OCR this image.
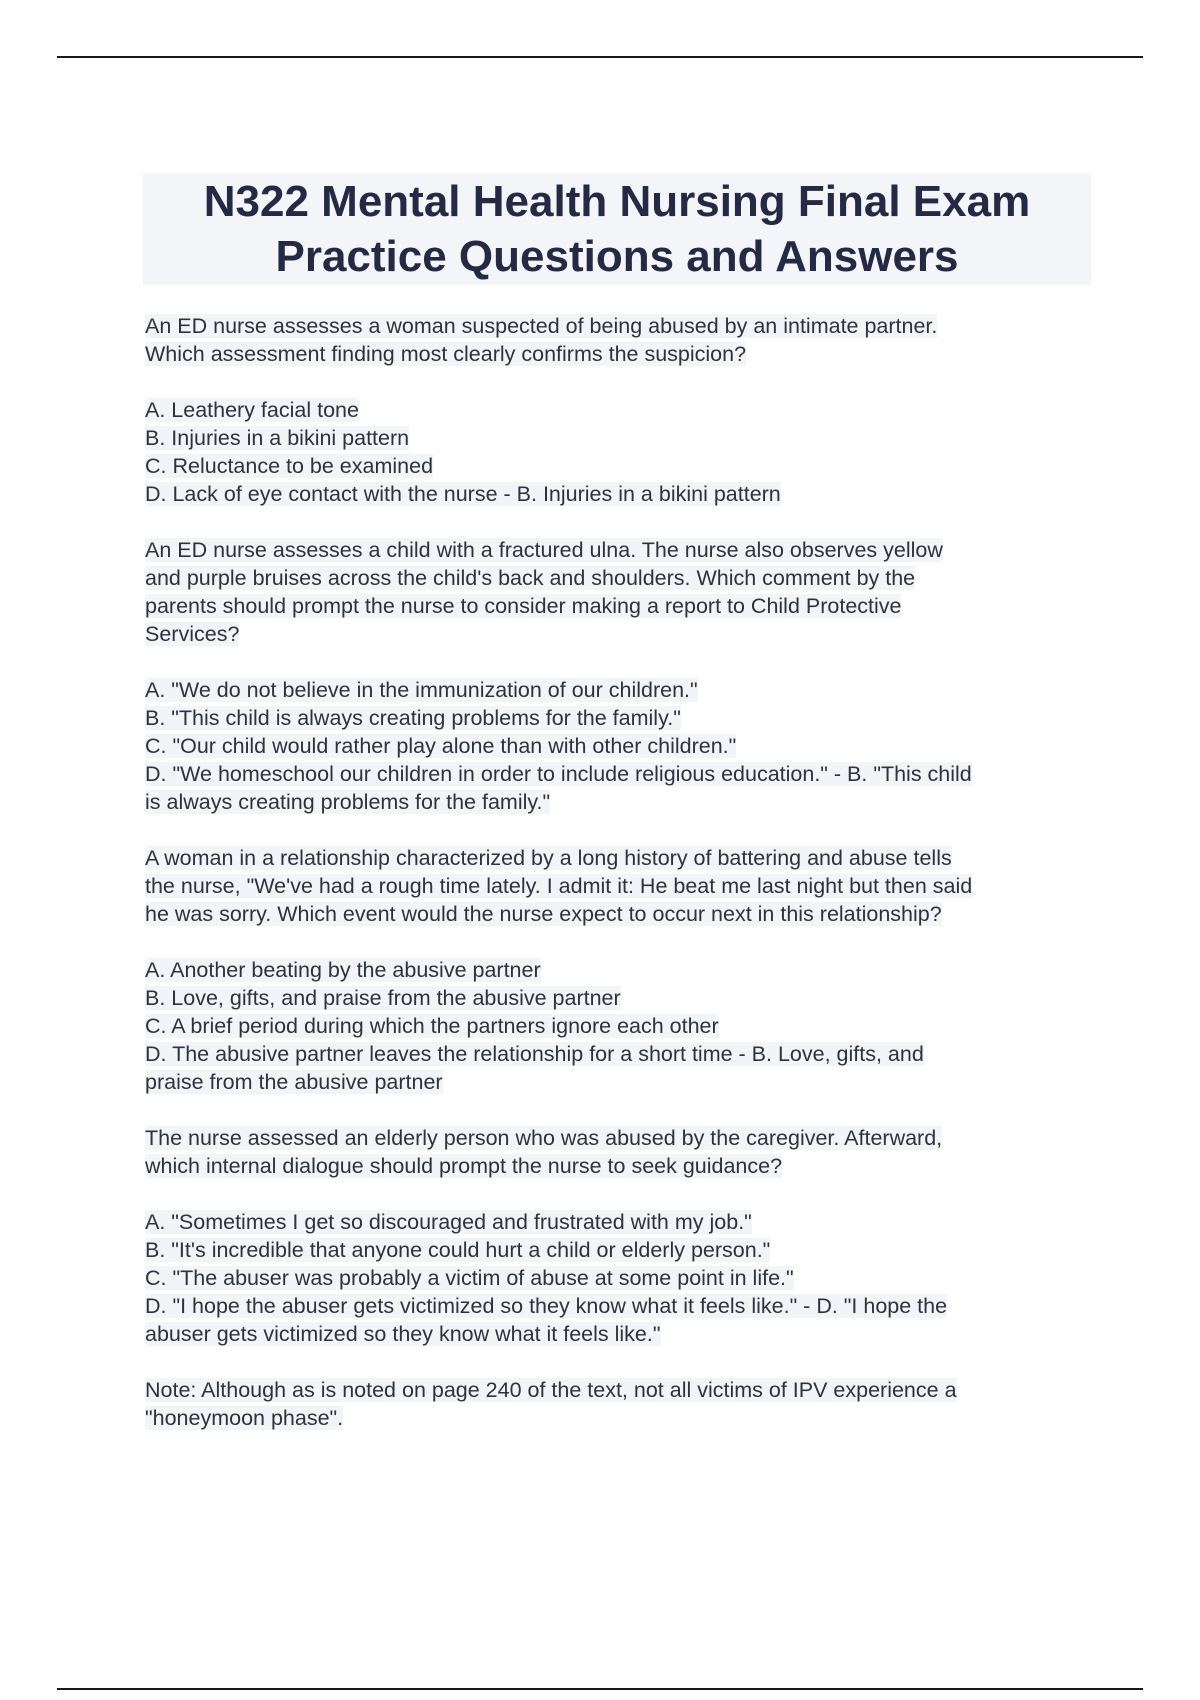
N322 Mental Health Nursing Final Exam
Practice Questions and Answers
An ED nurse assesses a woman suspected of being abused by an intimate partner.
Which assessment finding most clearly confirms the suspicion?
A. Leathery facial tone
B. Injuries in a bikini pattern
C. Reluctance to be examined
D. Lack of eye contact with the nurse - B. Injuries in a bikini pattern
An ED nurse assesses a child with a fractured ulna. The nurse also observes yellow
and purple bruises across the child's back and shoulders. Which comment by the
parents should prompt the nurse to consider making a report to Child Protective
Services?
A. "We do not believe in the immunization of our children."
B. "This child is always creating problems for the family."
C. "Our child would rather play alone than with other children."
D. "We homeschool our children in order to include religious education." - B. "This child
is always creating problems for the family."
A woman in a relationship characterized by a long history of battering and abuse tells
the nurse, "We've had a rough time lately. I admit it: He beat me last night but then said
he was sorry. Which event would the nurse expect to occur next in this relationship?
A. Another beating by the abusive partner
B. Love, gifts, and praise from the abusive partner
C. A brief period during which the partners ignore each other
D. The abusive partner leaves the relationship for a short time - B. Love, gifts, and
praise from the abusive partner
The nurse assessed an elderly person who was abused by the caregiver. Afterward,
which internal dialogue should prompt the nurse to seek guidance?
A. "Sometimes I get so discouraged and frustrated with my job."
B. "It's incredible that anyone could hurt a child or elderly person."
C. "The abuser was probably a victim of abuse at some point in life."
D. "I hope the abuser gets victimized so they know what it feels like." - D. "I hope the
abuser gets victimized so they know what it feels like."
Note: Although as is noted on page 240 of the text, not all victims of IPV experience a
"honeymoon phase".
